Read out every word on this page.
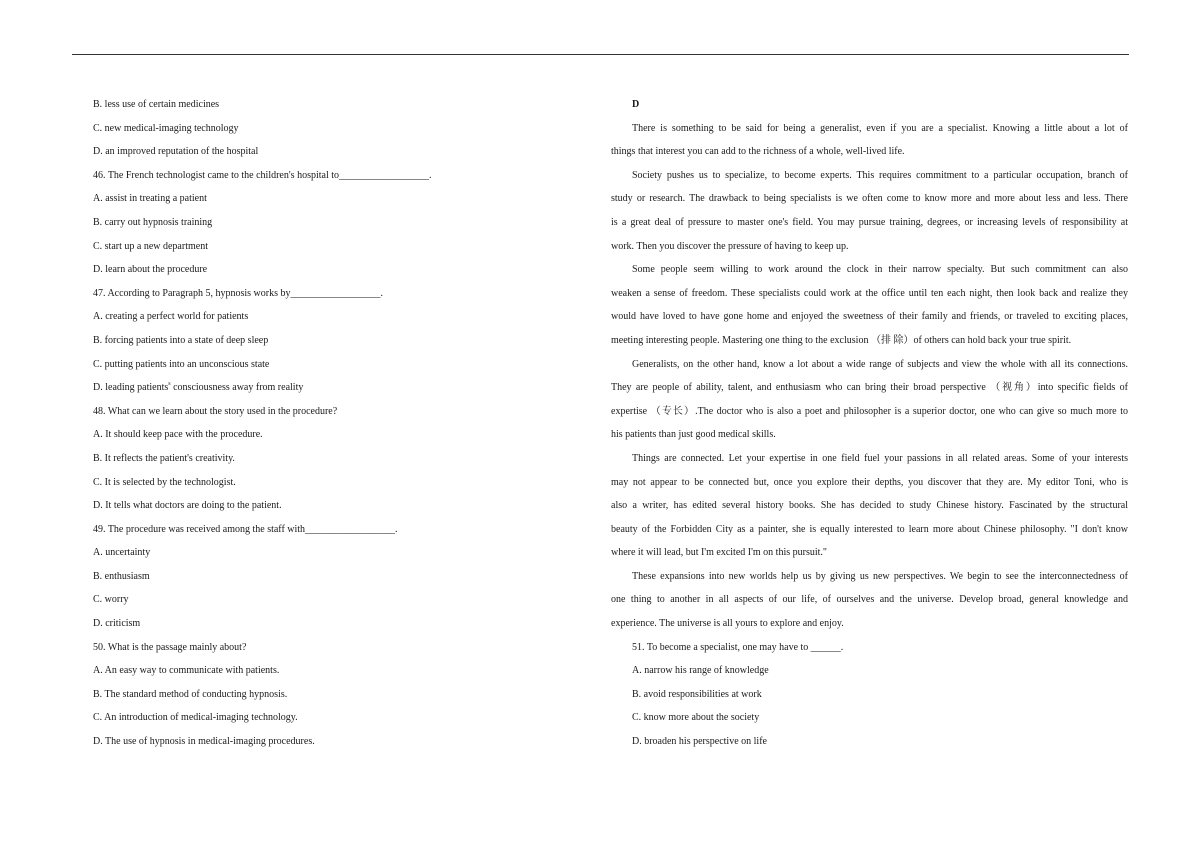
B. less use of certain medicines
C. new medical-imaging technology
D. an improved reputation of the hospital
46. The French technologist came to the children's hospital to__________________.
A. assist in treating a patient
B. carry out hypnosis training
C. start up a new department
D. learn about the procedure
47. According to Paragraph 5, hypnosis works by__________________.
A. creating a perfect world for patients
B. forcing patients into a state of deep sleep
C. putting patients into an unconscious state
D. leading patients$^s$ consciousness away from reality
48. What can we learn about the story used in the procedure?
A. It should keep pace with the procedure.
B. It reflects the patient's creativity.
C. It is selected by the technologist.
D. It tells what doctors are doing to the patient.
49. The procedure was received among the staff with__________________.
A. uncertainty
B. enthusiasm
C. worry
D. criticism
50. What is the passage mainly about?
A. An easy way to communicate with patients.
B. The standard method of conducting hypnosis.
C. An introduction of medical-imaging technology.
D. The use of hypnosis in medical-imaging procedures.
D
There is something to be said for being a generalist, even if you are a specialist. Knowing a little about a lot of
things that interest you can add to the richness of a whole, well-lived life.
Society pushes us to specialize, to become experts. This requires commitment to a particular occupation, branch of
study or research. The drawback to being specialists is we often come to know more and more about less and less. There
is a great deal of pressure to master one's field. You may pursue training, degrees, or increasing levels of responsibility at
work. Then you discover the pressure of having to keep up.
Some people seem willing to work around the clock in their narrow specialty. But such commitment can also
weaken a sense of freedom. These specialists could work at the office until ten each night, then look back and realize they
would have loved to have gone home and enjoyed the sweetness of their family and friends, or traveled to exciting places,
meeting interesting people. Mastering one thing to the exclusion （排 除）of others can hold back your true spirit.
Generalists, on the other hand, know a lot about a wide range of subjects and view the whole with all its connections.
They are people of ability, talent, and enthusiasm who can bring their broad perspective （视角）into specific fields of
expertise （专长）.The doctor who is also a poet and philosopher is a superior doctor, one who can give so much more to
his patients than just good medical skills.
Things are connected. Let your expertise in one field fuel your passions in all related areas. Some of your interests
may not appear to be connected but, once you explore their depths, you discover that they are. My editor Toni, who is
also a writer, has edited several history books. She has decided to study Chinese history. Fascinated by the structural
beauty of the Forbidden City as a painter, she is equally interested to learn more about Chinese philosophy. "I don't know
where it will lead, but I'm excited I'm on this pursuit."
These expansions into new worlds help us by giving us new perspectives. We begin to see the interconnectedness of
one thing to another in all aspects of our life, of ourselves and the universe. Develop broad, general knowledge and
experience. The universe is all yours to explore and enjoy.
51. To become a specialist, one may have to ______.
A. narrow his range of knowledge
B. avoid responsibilities at work
C. know more about the society
D. broaden his perspective on life
